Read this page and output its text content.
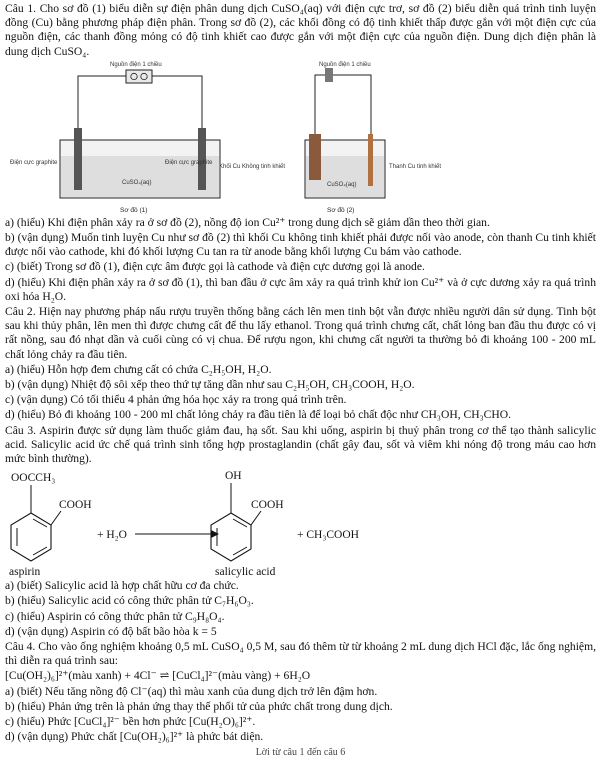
Câu 1. Cho sơ đồ (1) biểu diễn sự điện phân dung dịch CuSO₄(aq) với điện cực trơ, sơ đồ (2) biểu diễn quá trình tinh luyện đồng (Cu) bằng phương pháp điện phân. Trong sơ đồ (2), các khối đồng có độ tinh khiết thấp được gắn với một điện cực của nguồn điện, các thanh đồng mỏng có độ tinh khiết cao được gắn với một điện cực của nguồn điện. Dung dịch điện phân là dung dịch CuSO₄.

Nguồn điện 1 chiều
Điện cực graphite	Điện cực graphite
CuSO₄(aq)
Sơ đồ (1)
Nguồn điện 1 chiều
Khối Cu Không tinh khiết	Thanh Cu tinh khiết
CuSO₄(aq)
Sơ đồ (2)

a) (hiểu) Khi điện phân xảy ra ở sơ đồ (2), nồng độ ion Cu²⁺ trong dung dịch sẽ giảm dần theo thời gian.

b) (vận dụng) Muốn tinh luyện Cu như sơ đồ (2) thì khối Cu không tinh khiết phải được nối vào anode, còn thanh Cu tinh khiết được nối vào cathode, khi đó khối lượng Cu tan ra từ anode bằng khối lượng Cu bám vào cathode.

c) (biết) Trong sơ đồ (1), điện cực âm được gọi là cathode và điện cực dương gọi là anode.

d) (hiểu) Khi điện phân xảy ra ở sơ đồ (1), thì ban đầu ở cực âm xảy ra quá trình khử ion Cu²⁺ và ở cực dương xảy ra quá trình oxi hóa H₂O.

Câu 2. Hiện nay phương pháp nấu rượu truyền thống bằng cách lên men tinh bột vẫn được nhiều người dân sử dụng. Tinh bột sau khi thủy phân, lên men thì được chưng cất để thu lấy ethanol. Trong quá trình chưng cất, chất lỏng ban đầu thu được có vị rất nồng, sau đó nhạt dần và cuối cùng có vị chua. Để rượu ngon, khi chưng cất người ta thường bỏ đi khoảng 100 - 200 mL chất lỏng chảy ra đầu tiên.

a) (hiểu) Hỗn hợp đem chưng cất có chứa C₂H₅OH, H₂O.

b) (vận dụng) Nhiệt độ sôi xếp theo thứ tự tăng dần như sau C₂H₅OH, CH₃COOH, H₂O.

c) (vận dụng) Có tối thiểu 4 phản ứng hóa học xảy ra trong quá trình trên.

d) (hiểu) Bỏ đi khoảng 100 - 200 ml chất lỏng chảy ra đầu tiên là để loại bỏ chất độc như CH₃OH, CH₃CHO.

Câu 3. Aspirin được sử dụng làm thuốc giảm đau, hạ sốt. Sau khi uống, aspirin bị thuỷ phân trong cơ thể tạo thành salicylic acid. Salicylic acid ức chế quá trình sinh tổng hợp prostaglandin (chất gây đau, sốt và viêm khi nóng độ trong máu cao hơn mức bình thường).

OOCCH₃
COOH
+ H₂O
OH
COOH
+ CH₃COOH
aspirin	salicylic acid

a) (biết) Salicylic acid là hợp chất hữu cơ đa chức.

b) (hiểu) Salicylic acid có công thức phân tử C₇H₆O₃.

c) (hiểu) Aspirin có công thức phân tử C₉H₈O₄.

d) (vận dụng) Aspirin có độ bất bão hòa k = 5

Câu 4. Cho vào ống nghiệm khoảng 0,5 mL CuSO₄ 0,5 M, sau đó thêm từ từ khoảng 2 mL dung dịch HCl đặc, lắc ống nghiệm, thì diễn ra quá trình sau:

[Cu(OH₂)₆]²⁺(màu xanh) + 4Cl⁻ ⇌ [CuCl₄]²⁻(màu vàng) + 6H₂O

a) (biết) Nếu tăng nồng độ Cl⁻(aq) thì màu xanh của dung dịch trở lên đậm hơn.

b) (hiểu) Phản ứng trên là phản ứng thay thế phối tử của phức chất trong dung dịch.

c) (hiểu) Phức [CuCl₄]²⁻ bền hơn phức [Cu(H₂O)₆]²⁺.

d) (vận dụng) Phức chất [Cu(OH₂)₆]²⁺ là phức bát diện.

Lời từ câu 1 đến câu 6
